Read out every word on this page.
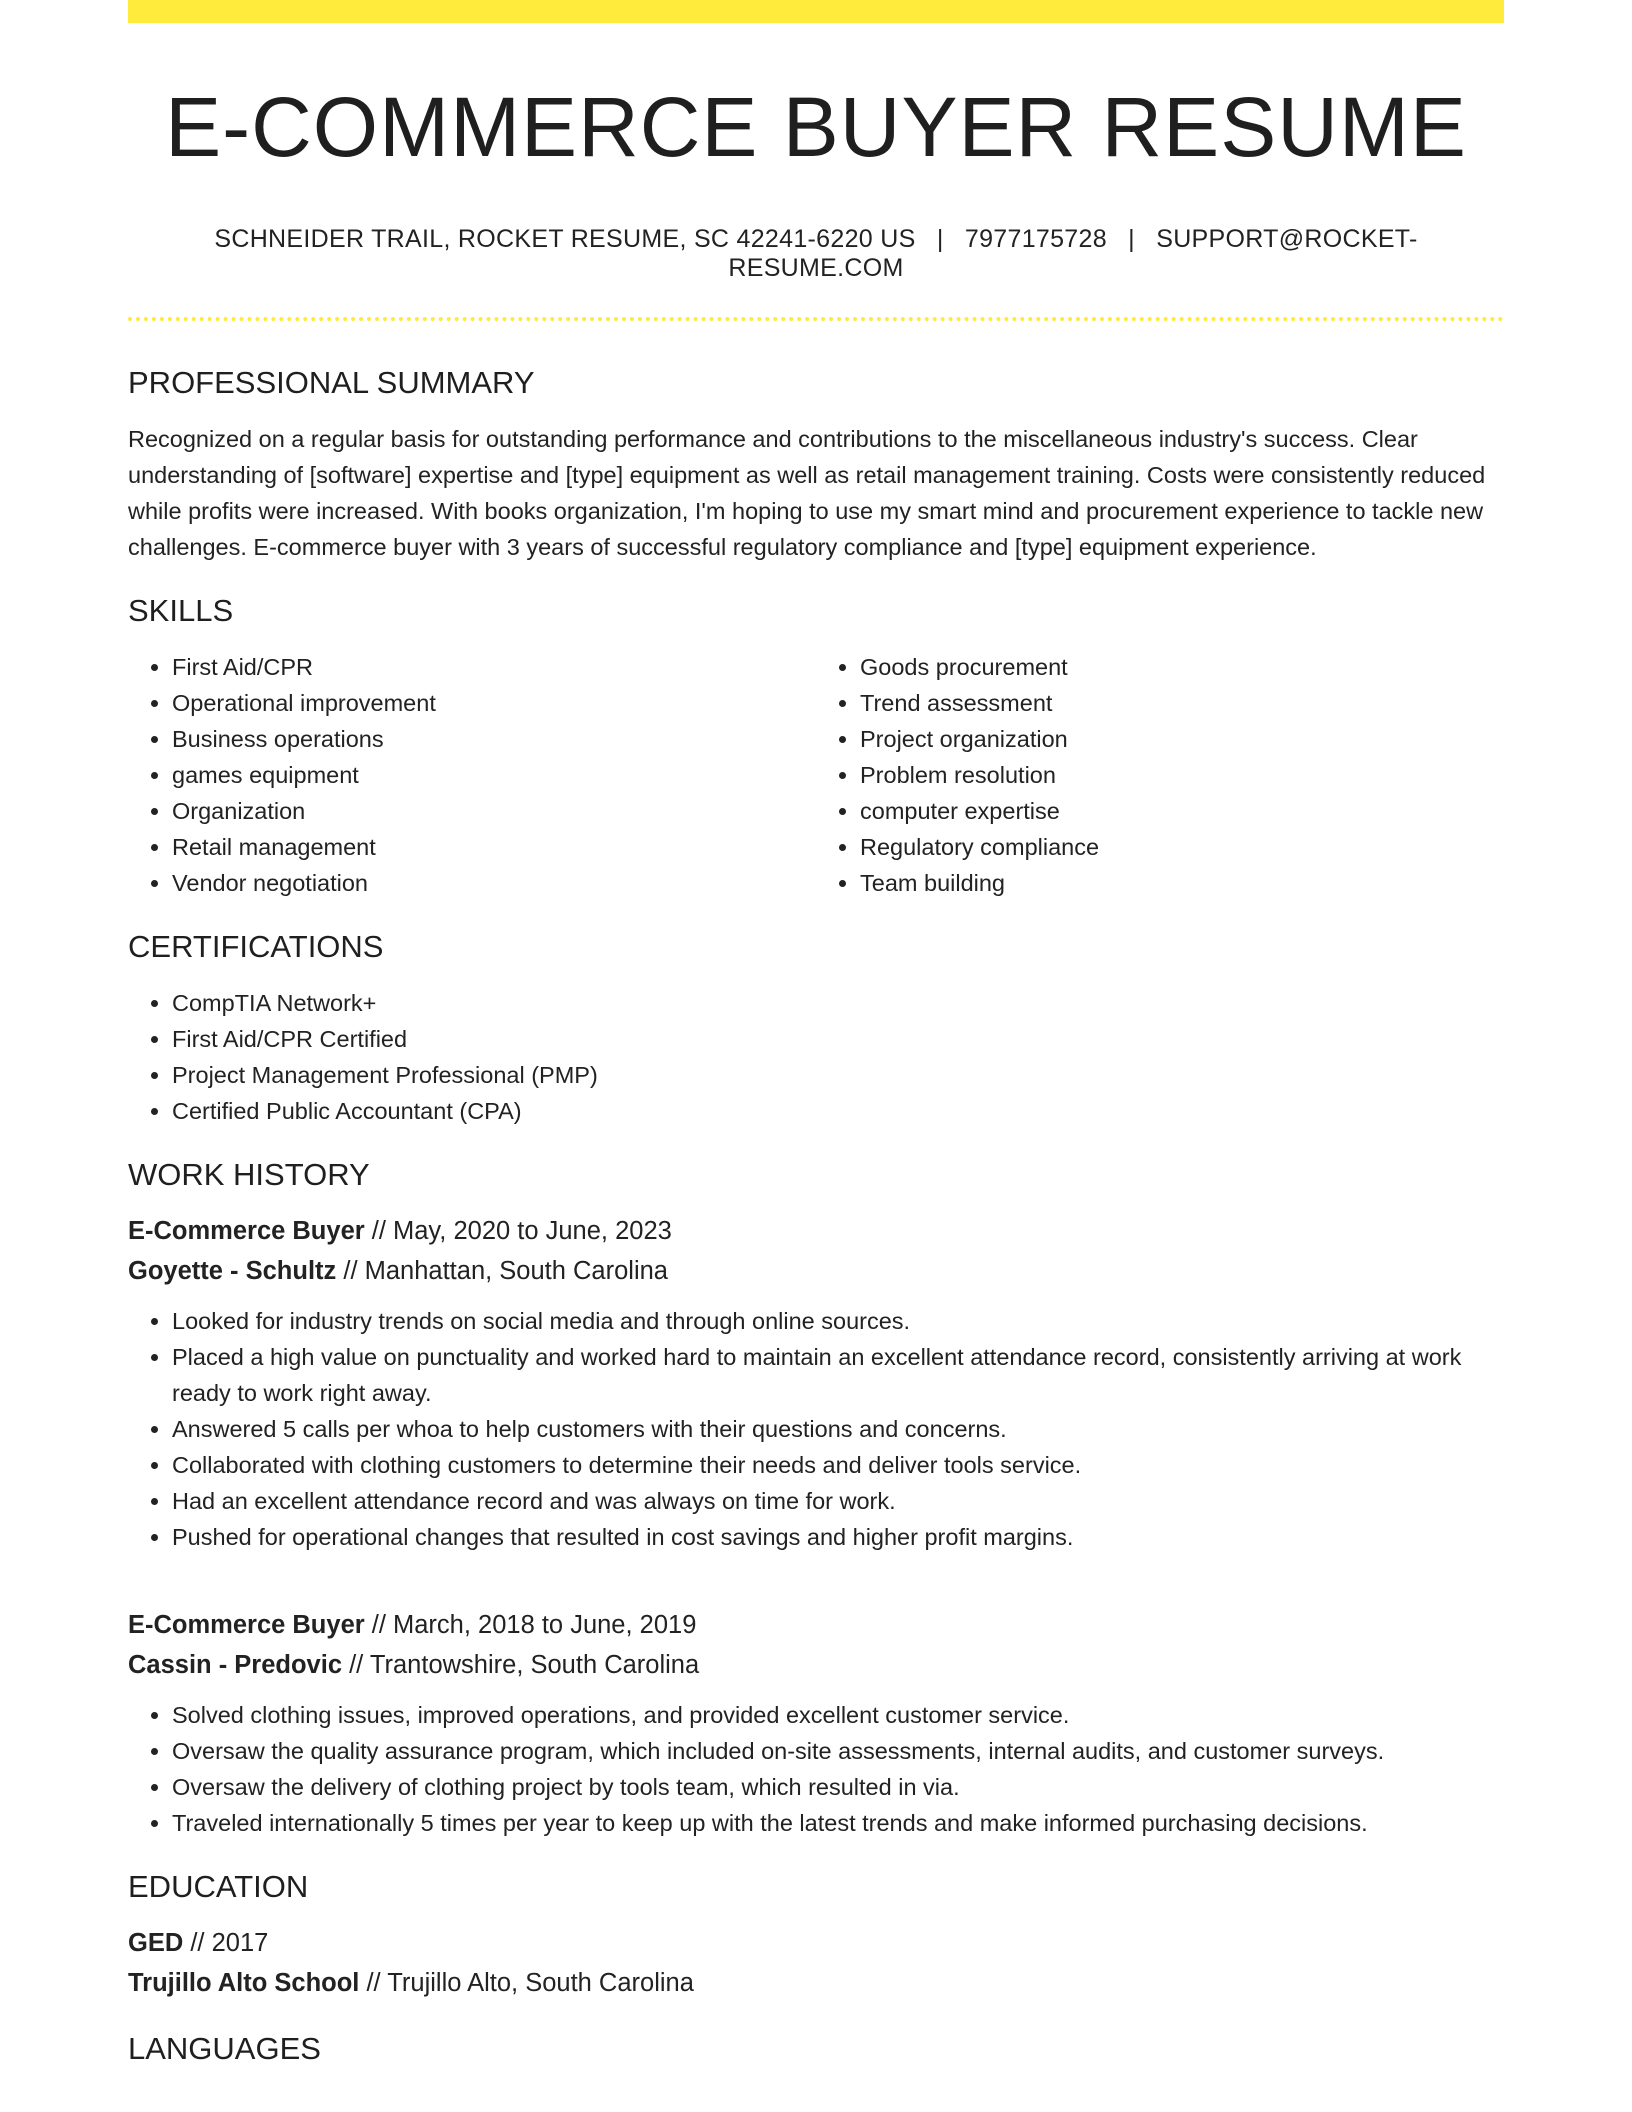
E-COMMERCE BUYER RESUME
SCHNEIDER TRAIL, ROCKET RESUME, SC 42241-6220 US | 7977175728 | SUPPORT@ROCKET-RESUME.COM
PROFESSIONAL SUMMARY

Recognized on a regular basis for outstanding performance and contributions to the miscellaneous industry's success. Clear understanding of [software] expertise and [type] equipment as well as retail management training. Costs were consistently reduced while profits were increased. With books organization, I'm hoping to use my smart mind and procurement experience to tackle new challenges. E-commerce buyer with 3 years of successful regulatory compliance and [type] equipment experience.

SKILLS
• First Aid/CPR
• Operational improvement
• Business operations
• games equipment
• Organization
• Retail management
• Vendor negotiation
• Goods procurement
• Trend assessment
• Project organization
• Problem resolution
• computer expertise
• Regulatory compliance
• Team building
CERTIFICATIONS
• CompTIA Network+
• First Aid/CPR Certified
• Project Management Professional (PMP)
• Certified Public Accountant (CPA)
WORK HISTORY
E-Commerce Buyer // May, 2020 to June, 2023
Goyette - Schultz // Manhattan, South Carolina
• Looked for industry trends on social media and through online sources.
• Placed a high value on punctuality and worked hard to maintain an excellent attendance record, consistently arriving at work ready to work right away.
• Answered 5 calls per whoa to help customers with their questions and concerns.
• Collaborated with clothing customers to determine their needs and deliver tools service.
• Had an excellent attendance record and was always on time for work.
• Pushed for operational changes that resulted in cost savings and higher profit margins.
E-Commerce Buyer // March, 2018 to June, 2019
Cassin - Predovic // Trantowshire, South Carolina
• Solved clothing issues, improved operations, and provided excellent customer service.
• Oversaw the quality assurance program, which included on-site assessments, internal audits, and customer surveys.
• Oversaw the delivery of clothing project by tools team, which resulted in via.
• Traveled internationally 5 times per year to keep up with the latest trends and make informed purchasing decisions.
EDUCATION
GED // 2017
Trujillo Alto School // Trujillo Alto, South Carolina
LANGUAGES
